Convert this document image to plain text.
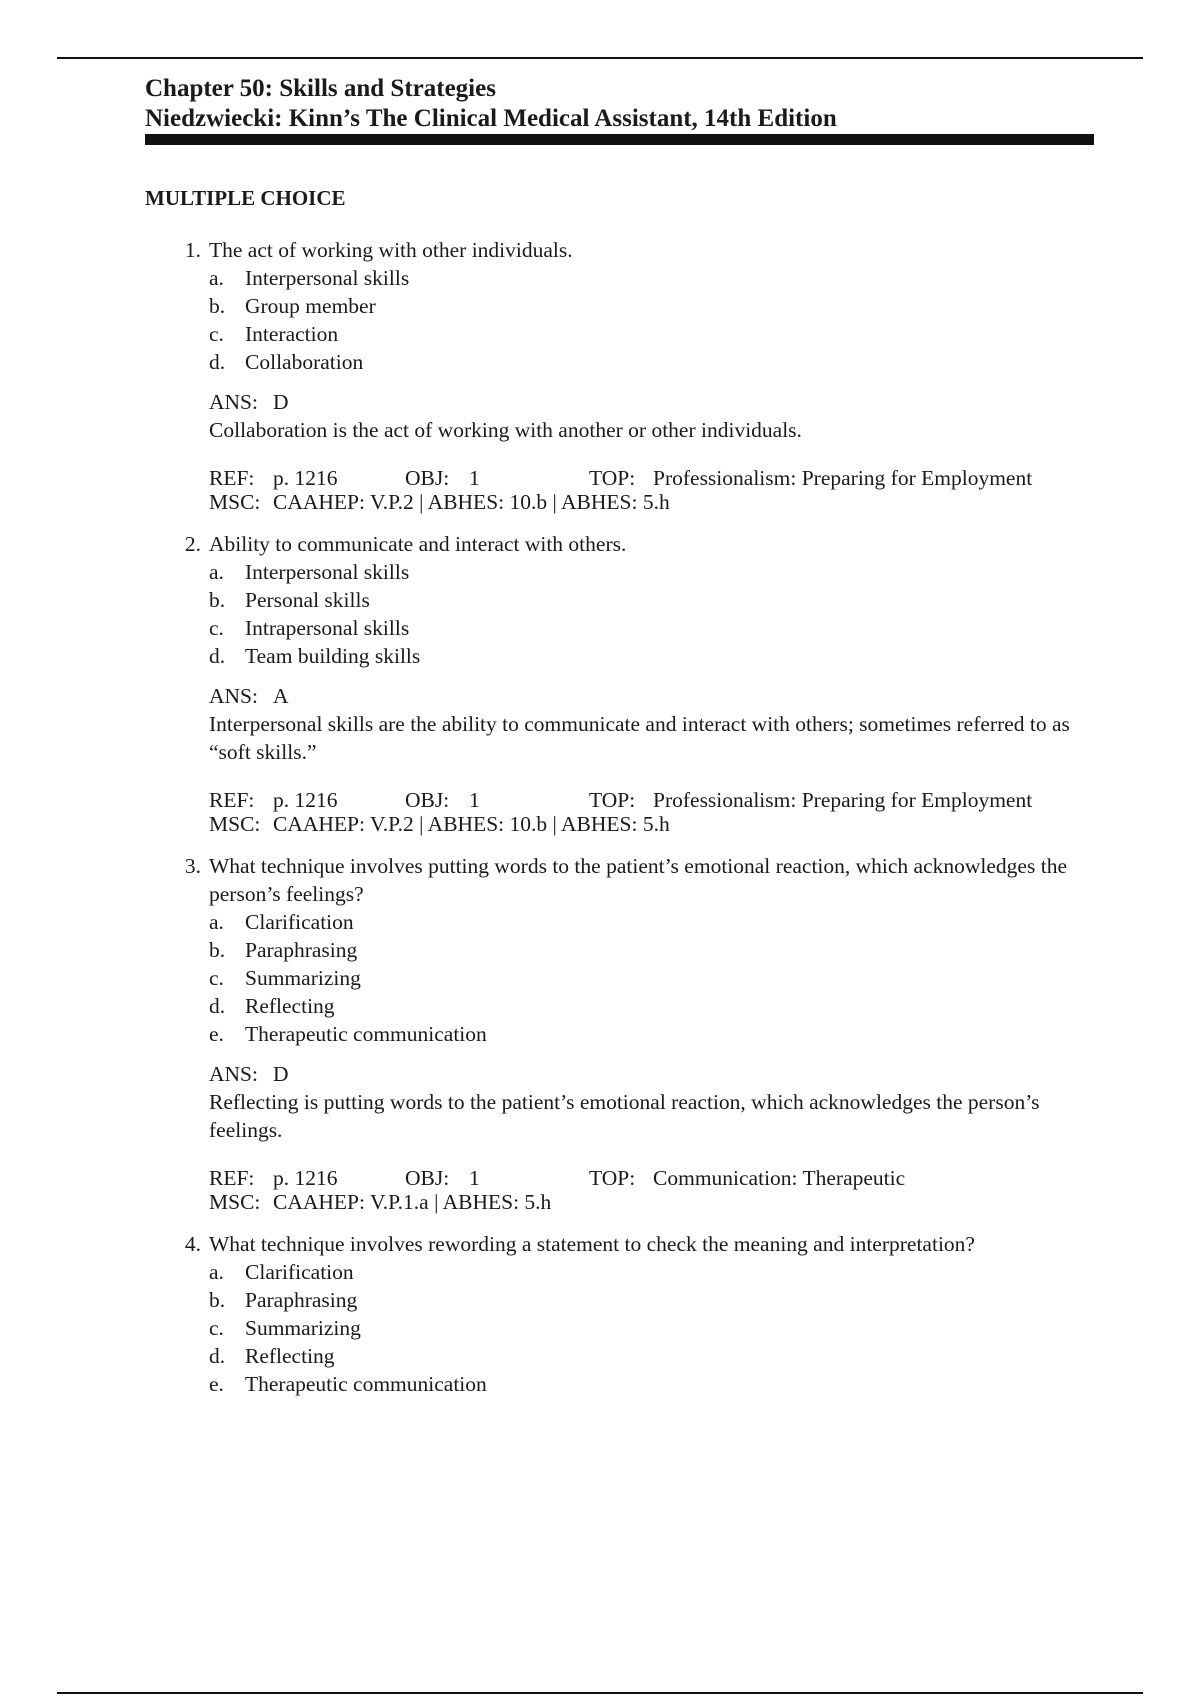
Chapter 50: Skills and Strategies
Niedzwiecki: Kinn’s The Clinical Medical Assistant, 14th Edition
MULTIPLE CHOICE
1. The act of working with other individuals.
a. Interpersonal skills
b. Group member
c. Interaction
d. Collaboration
ANS: D
Collaboration is the act of working with another or other individuals.
REF: p. 1216	OBJ: 1	TOP: Professionalism: Preparing for Employment
MSC: CAAHEP: V.P.2 | ABHES: 10.b | ABHES: 5.h
2. Ability to communicate and interact with others.
a. Interpersonal skills
b. Personal skills
c. Intrapersonal skills
d. Team building skills
ANS: A
Interpersonal skills are the ability to communicate and interact with others; sometimes referred to as “soft skills.”
REF: p. 1216	OBJ: 1	TOP: Professionalism: Preparing for Employment
MSC: CAAHEP: V.P.2 | ABHES: 10.b | ABHES: 5.h
3. What technique involves putting words to the patient’s emotional reaction, which acknowledges the person’s feelings?
a. Clarification
b. Paraphrasing
c. Summarizing
d. Reflecting
e. Therapeutic communication
ANS: D
Reflecting is putting words to the patient’s emotional reaction, which acknowledges the person’s feelings.
REF: p. 1216	OBJ: 1	TOP: Communication: Therapeutic
MSC: CAAHEP: V.P.1.a | ABHES: 5.h
4. What technique involves rewording a statement to check the meaning and interpretation?
a. Clarification
b. Paraphrasing
c. Summarizing
d. Reflecting
e. Therapeutic communication
